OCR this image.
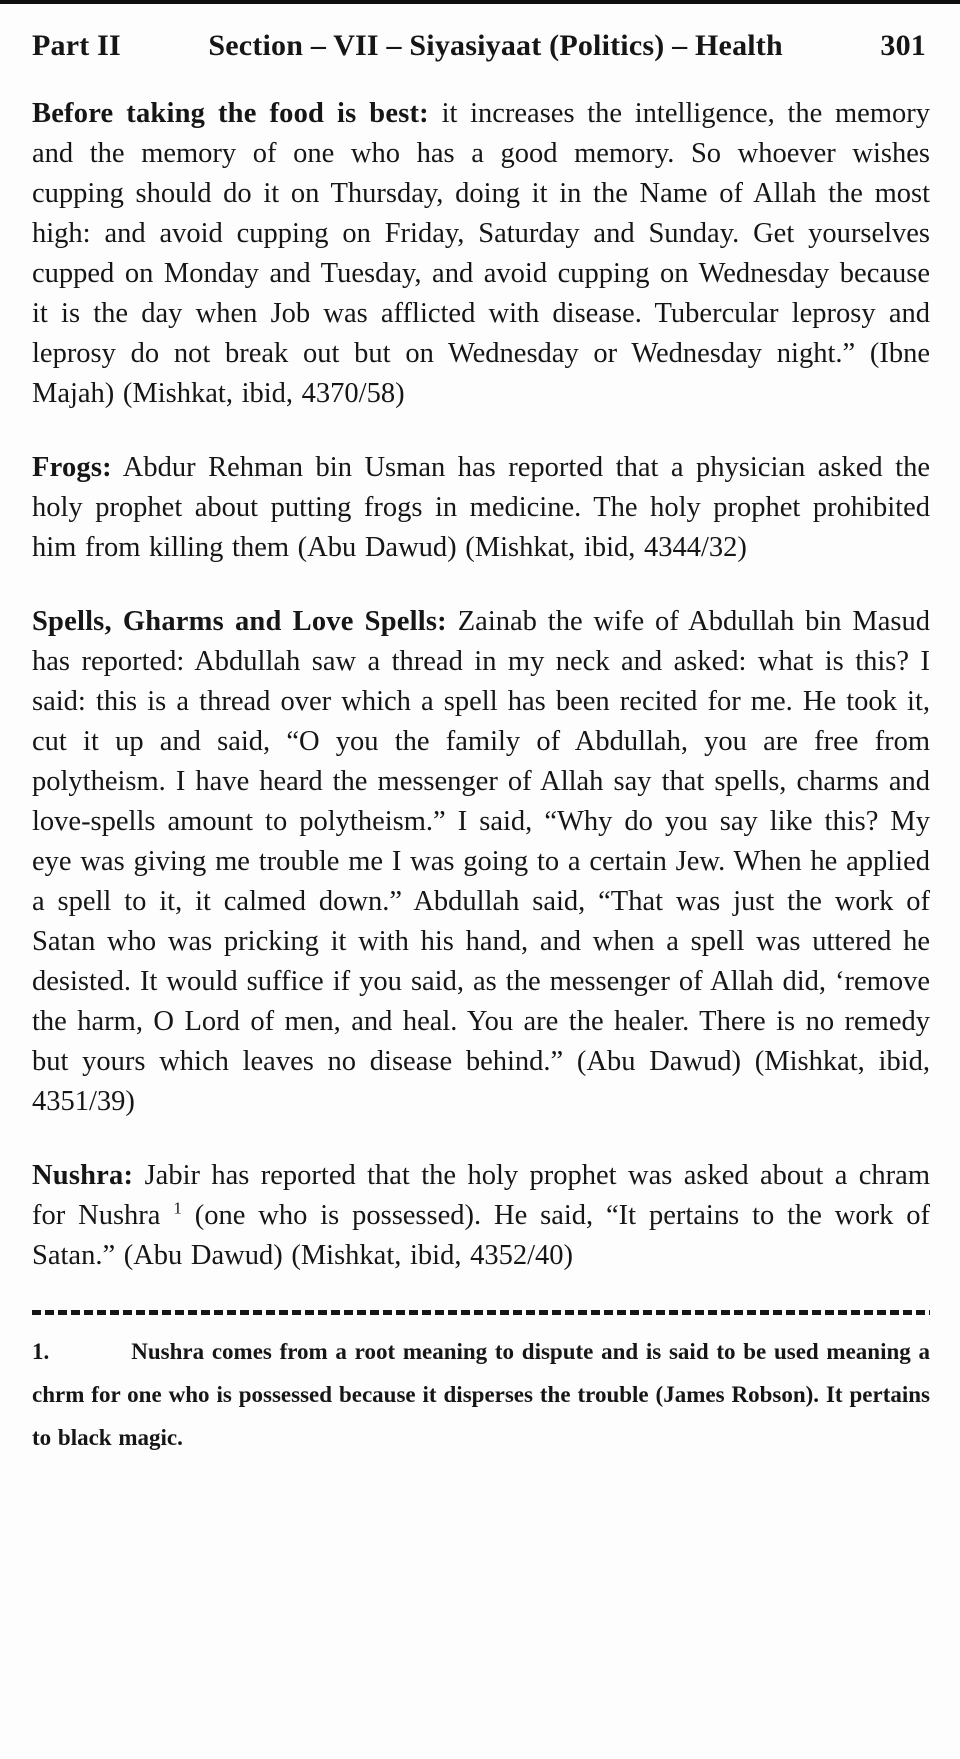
Part II	Section – VII – Siyasiyaat (Politics) – Health	301

Before taking the food is best: it increases the intelligence, the memory and the memory of one who has a good memory. So whoever wishes cupping should do it on Thursday, doing it in the Name of Allah the most high: and avoid cupping on Friday, Saturday and Sunday. Get yourselves cupped on Monday and Tuesday, and avoid cupping on Wednesday because it is the day when Job was afflicted with disease. Tubercular leprosy and leprosy do not break out but on Wednesday or Wednesday night.” (Ibne Majah) (Mishkat, ibid, 4370/58)

Frogs: Abdur Rehman bin Usman has reported that a physician asked the holy prophet about putting frogs in medicine. The holy prophet prohibited him from killing them (Abu Dawud) (Mishkat, ibid, 4344/32)

Spells, Gharms and Love Spells: Zainab the wife of Abdullah bin Masud has reported: Abdullah saw a thread in my neck and asked: what is this? I said: this is a thread over which a spell has been recited for me. He took it, cut it up and said, “O you the family of Abdullah, you are free from polytheism. I have heard the messenger of Allah say that spells, charms and love-spells amount to polytheism.” I said, “Why do you say like this? My eye was giving me trouble me I was going to a certain Jew. When he applied a spell to it, it calmed down.” Abdullah said, “That was just the work of Satan who was pricking it with his hand, and when a spell was uttered he desisted. It would suffice if you said, as the messenger of Allah did, ‘remove the harm, O Lord of men, and heal. You are the healer. There is no remedy but yours which leaves no disease behind.” (Abu Dawud) (Mishkat, ibid, 4351/39)

Nushra: Jabir has reported that the holy prophet was asked about a chram for Nushra $^1$ (one who is possessed). He said, “It pertains to the work of Satan.” (Abu Dawud) (Mishkat, ibid, 4352/40)

1.	Nushra comes from a root meaning to dispute and is said to be used meaning a chrm for one who is possessed because it disperses the trouble (James Robson). It pertains to black magic.
